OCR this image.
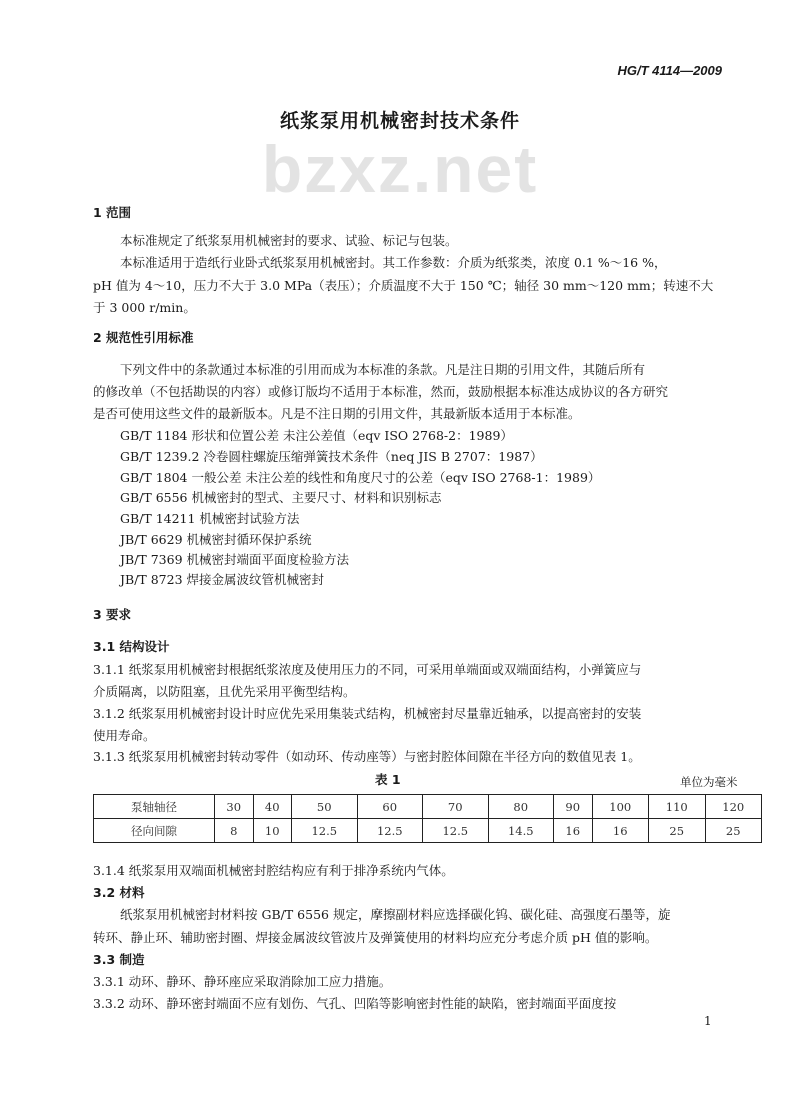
HG/T 4114—2009
纸浆泵用机械密封技术条件
bzxz.net
1 范围
本标准规定了纸浆泵用机械密封的要求、试验、标记与包装。
本标准适用于造纸行业卧式纸浆泵用机械密封。其工作参数：介质为纸浆类，浓度 0.1 %～16 %，
pH 值为 4～10，压力不大于 3.0 MPa（表压）；介质温度不大于 150 ℃；轴径 30 mm～120 mm；转速不大
于 3 000 r/min。
2 规范性引用标准
下列文件中的条款通过本标准的引用而成为本标准的条款。凡是注日期的引用文件，其随后所有
的修改单（不包括勘误的内容）或修订版均不适用于本标准，然而，鼓励根据本标准达成协议的各方研究
是否可使用这些文件的最新版本。凡是不注日期的引用文件，其最新版本适用于本标准。
GB/T 1184 形状和位置公差 未注公差值（eqv ISO 2768-2：1989）
GB/T 1239.2 冷卷圆柱螺旋压缩弹簧技术条件（neq JIS B 2707：1987）
GB/T 1804 一般公差 未注公差的线性和角度尺寸的公差（eqv ISO 2768-1：1989）
GB/T 6556 机械密封的型式、主要尺寸、材料和识别标志
GB/T 14211 机械密封试验方法
JB/T 6629 机械密封循环保护系统
JB/T 7369 机械密封端面平面度检验方法
JB/T 8723 焊接金属波纹管机械密封
3 要求
3.1 结构设计
3.1.1 纸浆泵用机械密封根据纸浆浓度及使用压力的不同，可采用单端面或双端面结构，小弹簧应与
介质隔离，以防阻塞，且优先采用平衡型结构。
3.1.2 纸浆泵用机械密封设计时应优先采用集装式结构，机械密封尽量靠近轴承，以提高密封的安装
使用寿命。
3.1.3 纸浆泵用机械密封转动零件（如动环、传动座等）与密封腔体间隙在半径方向的数值见表 1。
表 1	单位为毫米
泵轴轴径	30	40	50	60	70	80	90	100	110	120
径向间隙	8	10	12.5	12.5	12.5	14.5	16	16	25	25
3.1.4 纸浆泵用双端面机械密封腔结构应有利于排净系统内气体。
3.2 材料
纸浆泵用机械密封材料按 GB/T 6556 规定，摩擦副材料应选择碳化钨、碳化硅、高强度石墨等，旋
转环、静止环、辅助密封圈、焊接金属波纹管波片及弹簧使用的材料均应充分考虑介质 pH 值的影响。
3.3 制造
3.3.1 动环、静环、静环座应采取消除加工应力措施。
3.3.2 动环、静环密封端面不应有划伤、气孔、凹陷等影响密封性能的缺陷，密封端面平面度按
1
